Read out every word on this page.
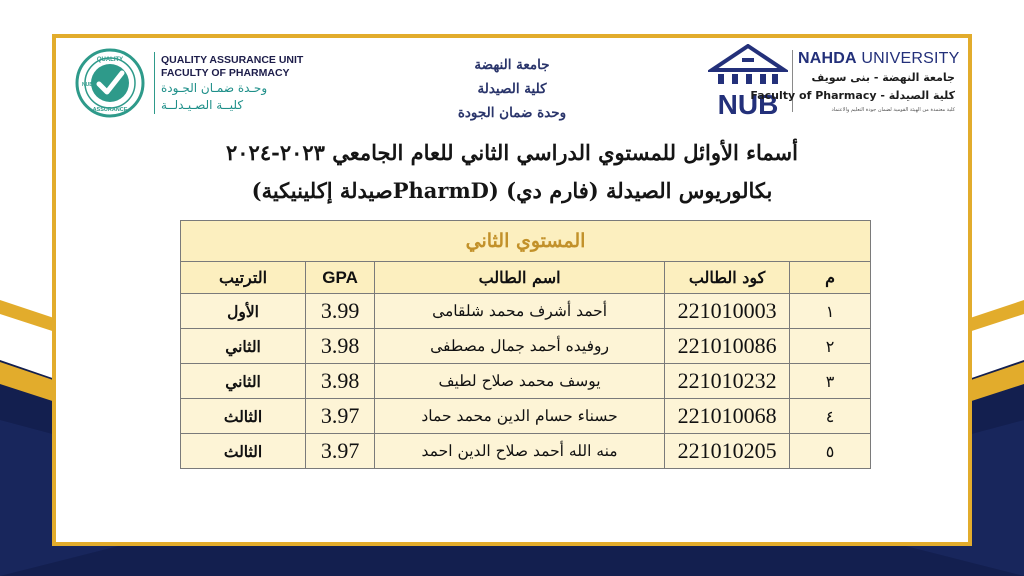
NUB
NAHDA UNIVERSITY
جامعة النهضة - بنى سويف
Faculty of Pharmacy - كلية الصيدلة
كلية معتمدة من الهيئة القومية لضمان جودة التعليم والاعتماد
جامعة النهضة
كلية الصيدلة
وحدة ضمان الجودة
QUALITY
ASSURANCE
NUB
QUALITY ASSURANCE UNIT
FACULTY OF PHARMACY
وحـدة ضمـان الجـودة
كليــة الصـيـدلــة
أسماء الأوائل للمستوي الدراسي الثاني للعام الجامعي ٢٠٢٣-٢٠٢٤
بكالوريوس الصيدلة (فارم دي) (PharmDصيدلة إكلينيكية)
المستوي الثاني				
م	كود الطالب	اسم الطالب	GPA	الترتيب
١	221010003	أحمد أشرف محمد شلقامى	3.99	الأول
٢	221010086	روفيده أحمد جمال مصطفى	3.98	الثاني
٣	221010232	يوسف محمد صلاح لطيف	3.98	الثاني
٤	221010068	حسناء حسام الدين محمد حماد	3.97	الثالث
٥	221010205	منه الله أحمد صلاح الدين احمد	3.97	الثالث
